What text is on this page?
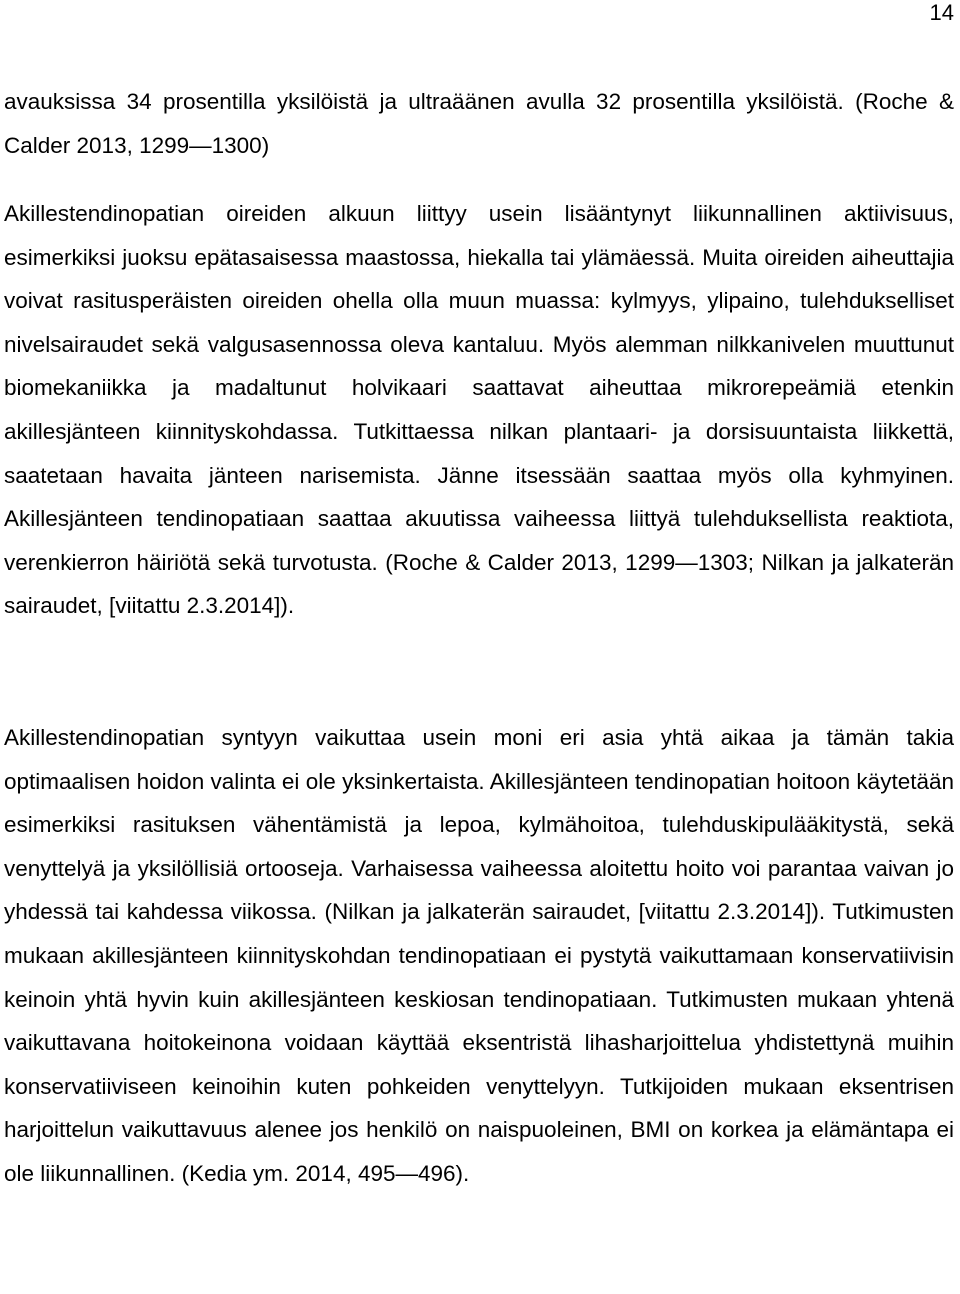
14

avauksissa 34 prosentilla yksilöistä ja ultraäänen avulla 32 prosentilla yksilöistä. (Roche & Calder 2013, 1299—1300)

Akillestendinopatian oireiden alkuun liittyy usein lisääntynyt liikunnallinen aktiivisuus, esimerkiksi juoksu epätasaisessa maastossa, hiekalla tai ylämäessä. Muita oireiden aiheuttajia voivat rasitusperäisten oireiden ohella olla muun muassa: kylmyys, ylipaino, tulehdukselliset nivelsairaudet sekä valgusasennossa oleva kantaluu. Myös alemman nilkkanivelen muuttunut biomekaniikka ja madaltunut holvikaari saattavat aiheuttaa mikrorepeämiä etenkin akillesjänteen kiinnityskohdassa. Tutkittaessa nilkan plantaari- ja dorsisuuntaista liikkettä, saatetaan havaita jänteen narisemista. Jänne itsessään saattaa myös olla kyhmyinen. Akillesjänteen tendinopatiaan saattaa akuutissa vaiheessa liittyä tulehduksellista reaktiota, verenkierron häiriötä sekä turvotusta. (Roche & Calder 2013, 1299—1303; Nilkan ja jalkaterän sairaudet, [viitattu 2.3.2014]).

Akillestendinopatian syntyyn vaikuttaa usein moni eri asia yhtä aikaa ja tämän takia optimaalisen hoidon valinta ei ole yksinkertaista. Akillesjänteen tendinopatian hoitoon käytetään esimerkiksi rasituksen vähentämistä ja lepoa, kylmähoitoa, tulehduskipulääkitystä, sekä venyttelyä ja yksilöllisiä ortooseja. Varhaisessa vaiheessa aloitettu hoito voi parantaa vaivan jo yhdessä tai kahdessa viikossa. (Nilkan ja jalkaterän sairaudet, [viitattu 2.3.2014]). Tutkimusten mukaan akillesjänteen kiinnityskohdan tendinopatiaan ei pystytä vaikuttamaan konservatiivisin keinoin yhtä hyvin kuin akillesjänteen keskiosan tendinopatiaan. Tutkimusten mukaan yhtenä vaikuttavana hoitokeinona voidaan käyttää eksentristä lihasharjoittelua yhdistettynä muihin konservatiiviseen keinoihin kuten pohkeiden venyttelyyn. Tutkijoiden mukaan eksentrisen harjoittelun vaikuttavuus alenee jos henkilö on naispuoleinen, BMI on korkea ja elämäntapa ei ole liikunnallinen. (Kedia ym. 2014, 495—496).
